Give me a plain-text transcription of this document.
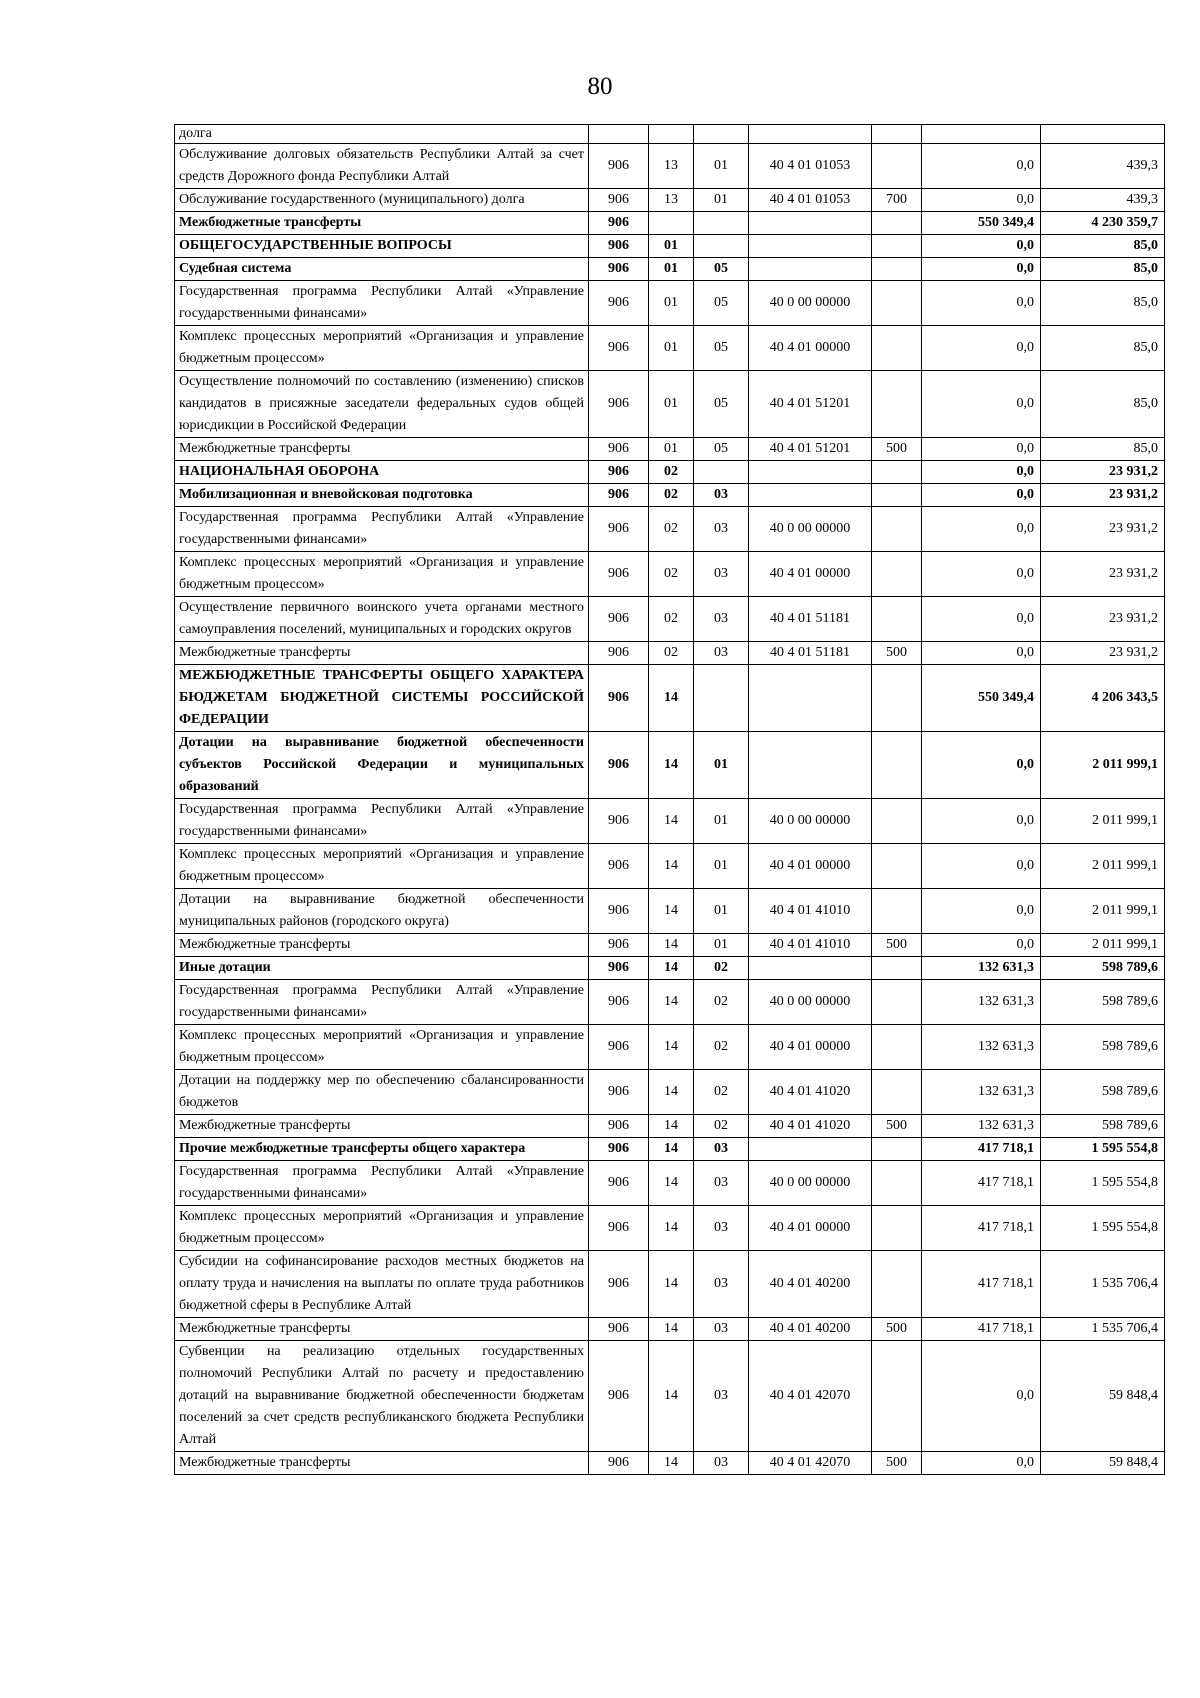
80
долга							
Обслуживание долговых обязательств Республики Алтай за счет средств Дорожного фонда Республики Алтай	906	13	01	40 4 01 01053		0,0	439,3
Обслуживание государственного (муниципального) долга	906	13	01	40 4 01 01053	700	0,0	439,3
Межбюджетные трансферты	906					550 349,4	4 230 359,7
ОБЩЕГОСУДАРСТВЕННЫЕ ВОПРОСЫ	906	01				0,0	85,0
Судебная система	906	01	05			0,0	85,0
Государственная программа Республики Алтай «Управление государственными финансами»	906	01	05	40 0 00 00000		0,0	85,0
Комплекс процессных мероприятий «Организация и управление бюджетным процессом»	906	01	05	40 4 01 00000		0,0	85,0
Осуществление полномочий по составлению (изменению) списков кандидатов в присяжные заседатели федеральных судов общей юрисдикции в Российской Федерации	906	01	05	40 4 01 51201		0,0	85,0
Межбюджетные трансферты	906	01	05	40 4 01 51201	500	0,0	85,0
НАЦИОНАЛЬНАЯ ОБОРОНА	906	02				0,0	23 931,2
Мобилизационная и вневойсковая подготовка	906	02	03			0,0	23 931,2
Государственная программа Республики Алтай «Управление государственными финансами»	906	02	03	40 0 00 00000		0,0	23 931,2
Комплекс процессных мероприятий «Организация и управление бюджетным процессом»	906	02	03	40 4 01 00000		0,0	23 931,2
Осуществление первичного воинского учета органами местного самоуправления поселений, муниципальных и городских округов	906	02	03	40 4 01 51181		0,0	23 931,2
Межбюджетные трансферты	906	02	03	40 4 01 51181	500	0,0	23 931,2
МЕЖБЮДЖЕТНЫЕ ТРАНСФЕРТЫ ОБЩЕГО ХАРАКТЕРА БЮДЖЕТАМ БЮДЖЕТНОЙ СИСТЕМЫ РОССИЙСКОЙ ФЕДЕРАЦИИ	906	14				550 349,4	4 206 343,5
Дотации на выравнивание бюджетной обеспеченности субъектов Российской Федерации и муниципальных образований	906	14	01			0,0	2 011 999,1
Государственная программа Республики Алтай «Управление государственными финансами»	906	14	01	40 0 00 00000		0,0	2 011 999,1
Комплекс процессных мероприятий «Организация и управление бюджетным процессом»	906	14	01	40 4 01 00000		0,0	2 011 999,1
Дотации на выравнивание бюджетной обеспеченности муниципальных районов (городского округа)	906	14	01	40 4 01 41010		0,0	2 011 999,1
Межбюджетные трансферты	906	14	01	40 4 01 41010	500	0,0	2 011 999,1
Иные дотации	906	14	02			132 631,3	598 789,6
Государственная программа Республики Алтай «Управление государственными финансами»	906	14	02	40 0 00 00000		132 631,3	598 789,6
Комплекс процессных мероприятий «Организация и управление бюджетным процессом»	906	14	02	40 4 01 00000		132 631,3	598 789,6
Дотации на поддержку мер по обеспечению сбалансированности бюджетов	906	14	02	40 4 01 41020		132 631,3	598 789,6
Межбюджетные трансферты	906	14	02	40 4 01 41020	500	132 631,3	598 789,6
Прочие межбюджетные трансферты общего характера	906	14	03			417 718,1	1 595 554,8
Государственная программа Республики Алтай «Управление государственными финансами»	906	14	03	40 0 00 00000		417 718,1	1 595 554,8
Комплекс процессных мероприятий «Организация и управление бюджетным процессом»	906	14	03	40 4 01 00000		417 718,1	1 595 554,8
Субсидии на софинансирование расходов местных бюджетов на оплату труда и начисления на выплаты по оплате труда работников бюджетной сферы в Республике Алтай	906	14	03	40 4 01 40200		417 718,1	1 535 706,4
Межбюджетные трансферты	906	14	03	40 4 01 40200	500	417 718,1	1 535 706,4
Субвенции на реализацию отдельных государственных полномочий Республики Алтай по расчету и предоставлению дотаций на выравнивание бюджетной обеспеченности бюджетам поселений за счет средств республиканского бюджета Республики Алтай	906	14	03	40 4 01 42070		0,0	59 848,4
Межбюджетные трансферты	906	14	03	40 4 01 42070	500	0,0	59 848,4
